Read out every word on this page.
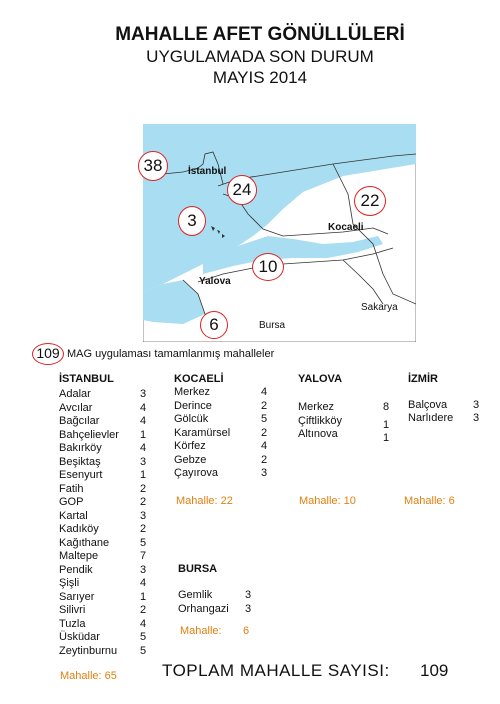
MAHALLE AFET GÖNÜLLÜLERİ
UYGULAMADA SON DURUM
MAYIS 2014
İstanbul
Kocaeli
Yalova
Sakarya
Bursa
38
24
3
22
10
6
109 MAG uygulaması tamamlanmış mahalleler
İSTANBUL
Adalar	3
Avcılar	4
Bağcılar	4
Bahçelievler 1
Bakırköy	4
Beşiktaş	3
Esenyurt	1
Fatih	2
GOP	2
Kartal	3
Kadıköy	2
Kağıthane	5
Maltepe	7
Pendik	3
Şişli	4
Sarıyer	1
Silivri	2
Tuzla	4
Üsküdar	5
Zeytinburnu 5
Mahalle: 65
KOCAELİ
Merkez	4
Derince	2
Gölcük	5
Karamürsel	2
Körfez	4
Gebze	2
Çayırova	3
Mahalle: 22
YALOVA
Merkez	8
Çiftlikköy	1
Altınova	1
Mahalle: 10
İZMİR
Balçova 3
Narlıdere 3
Mahalle: 6
BURSA
Gemlik	3
Orhangazi 3
Mahalle: 6
TOPLAM MAHALLE SAYISI: 109
